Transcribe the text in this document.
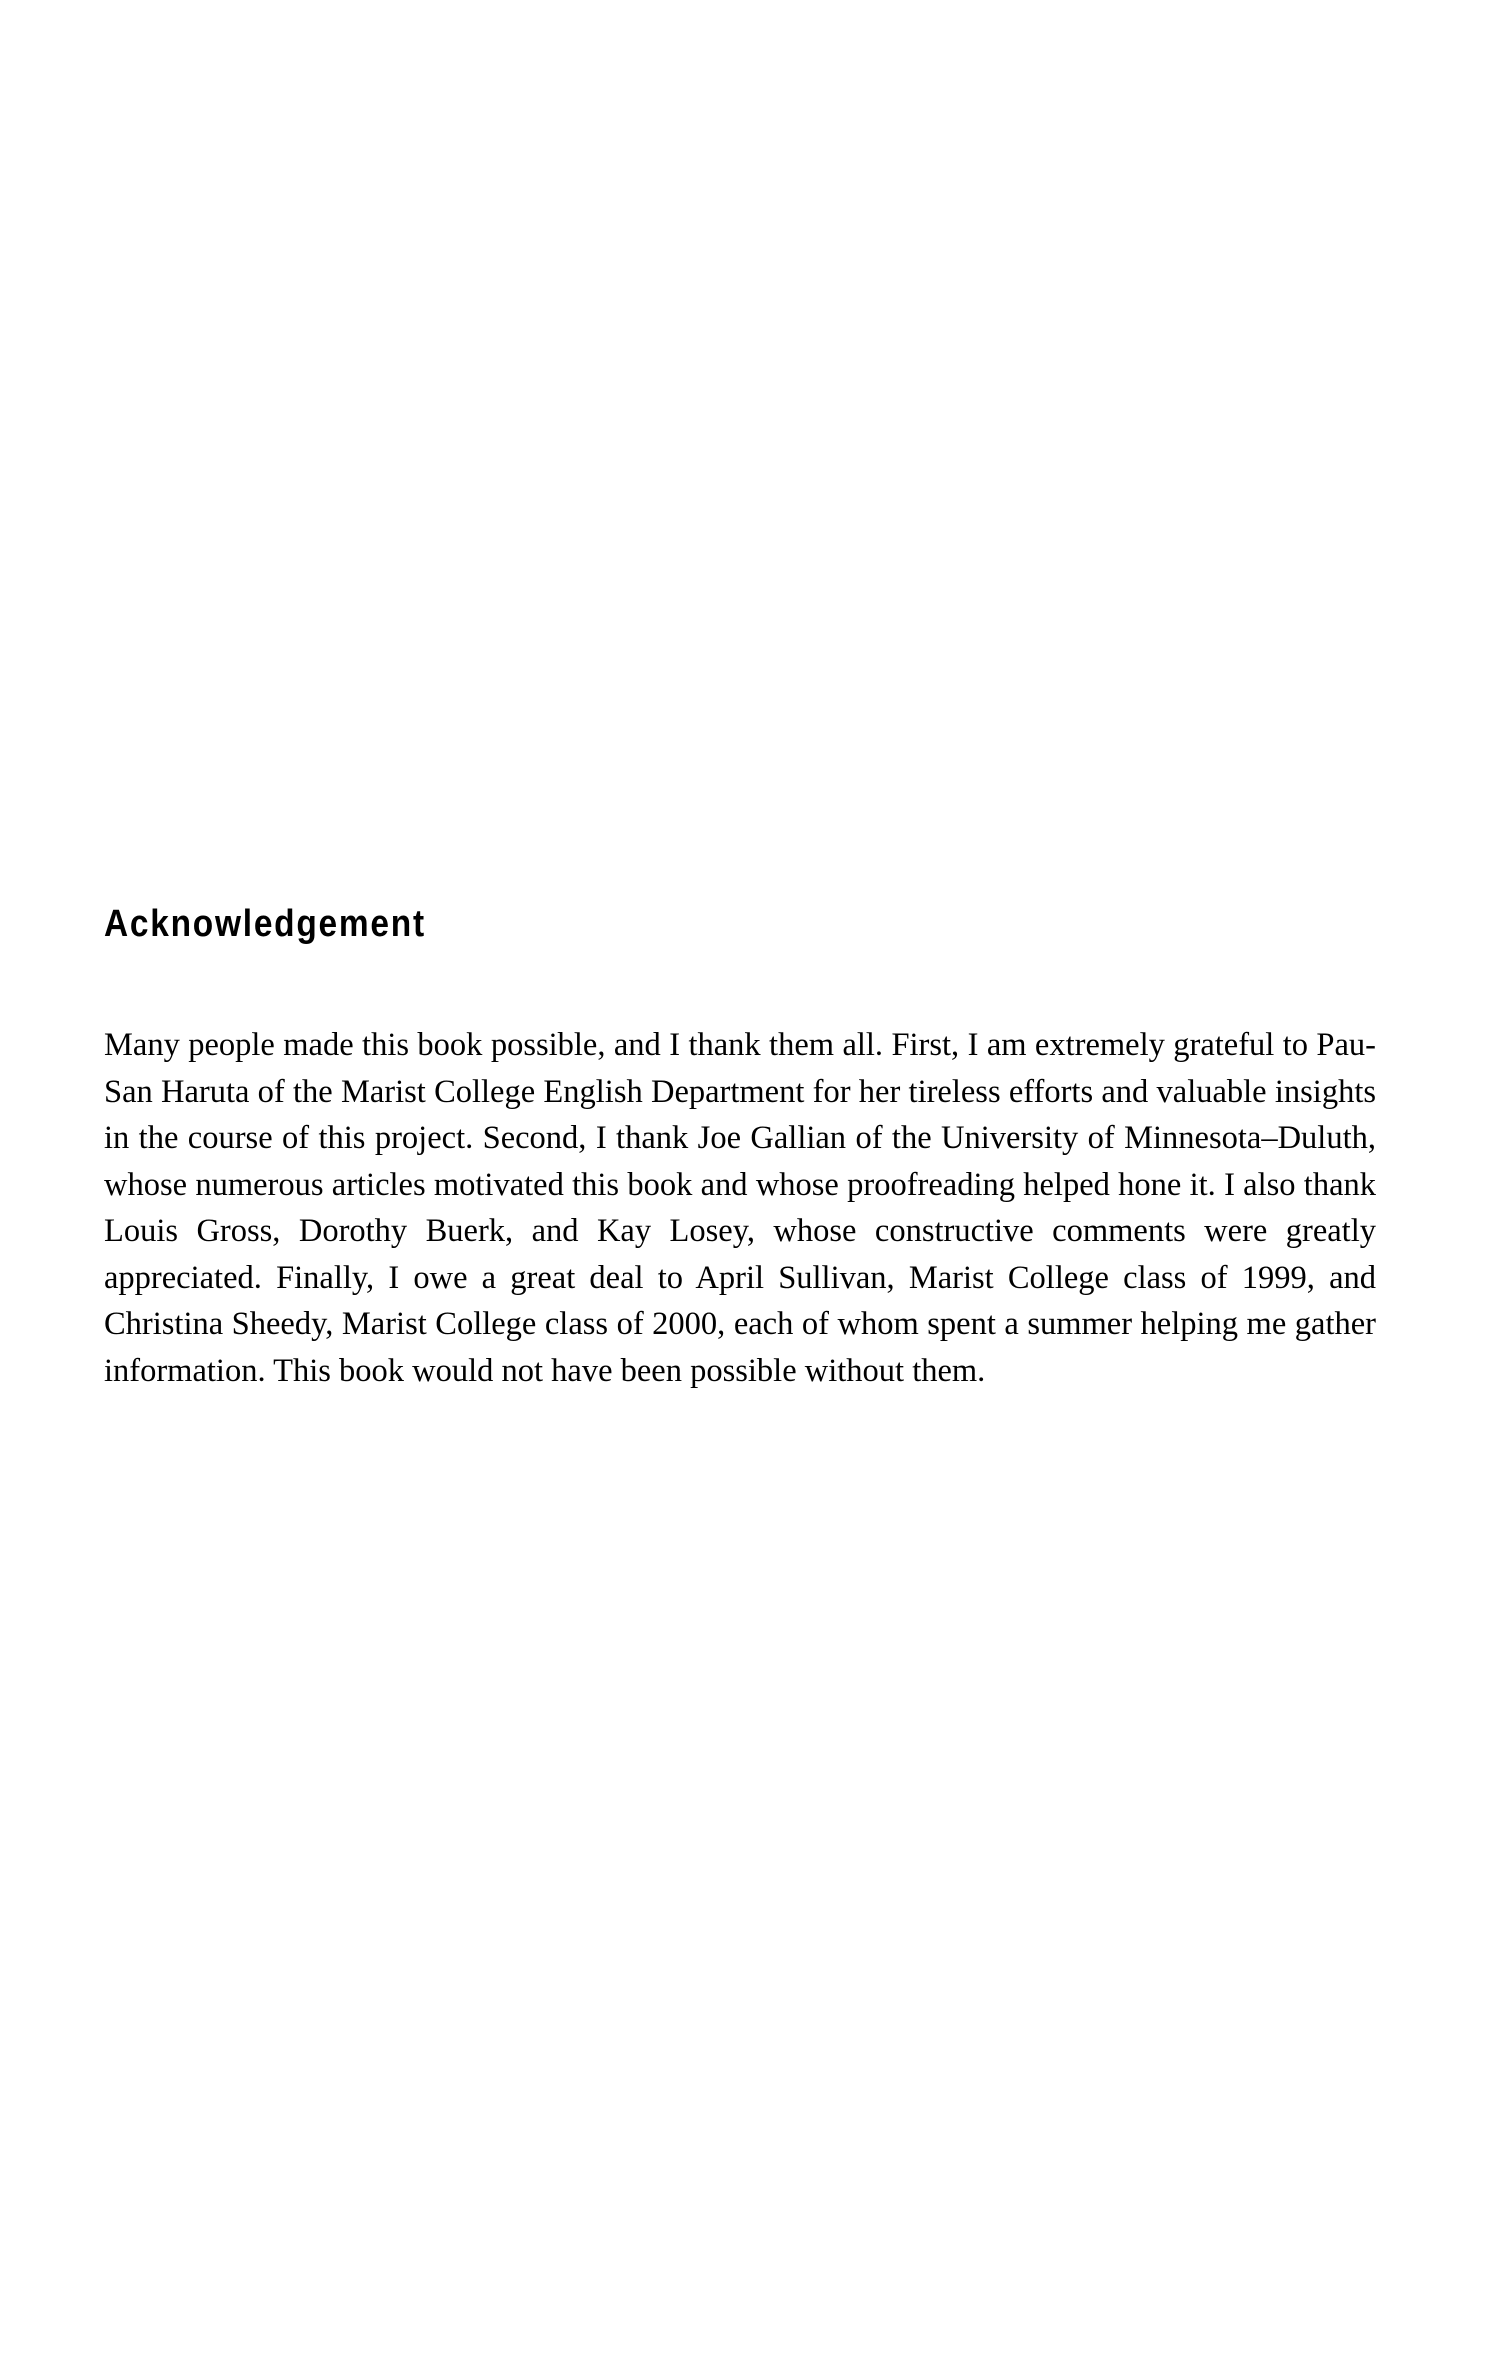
Acknowledgement

Many people made this book possible, and I thank them all. First, I am extremely grateful to Pau-San Haruta of the Marist College English Department for her tireless efforts and valuable insights in the course of this project. Second, I thank Joe Gallian of the University of Minnesota–Duluth, whose numerous articles motivated this book and whose proofreading helped hone it. I also thank Louis Gross, Dorothy Buerk, and Kay Losey, whose constructive comments were greatly appreciated. Finally, I owe a great deal to April Sullivan, Marist College class of 1999, and Christina Sheedy, Marist College class of 2000, each of whom spent a summer helping me gather information. This book would not have been possible without them.
